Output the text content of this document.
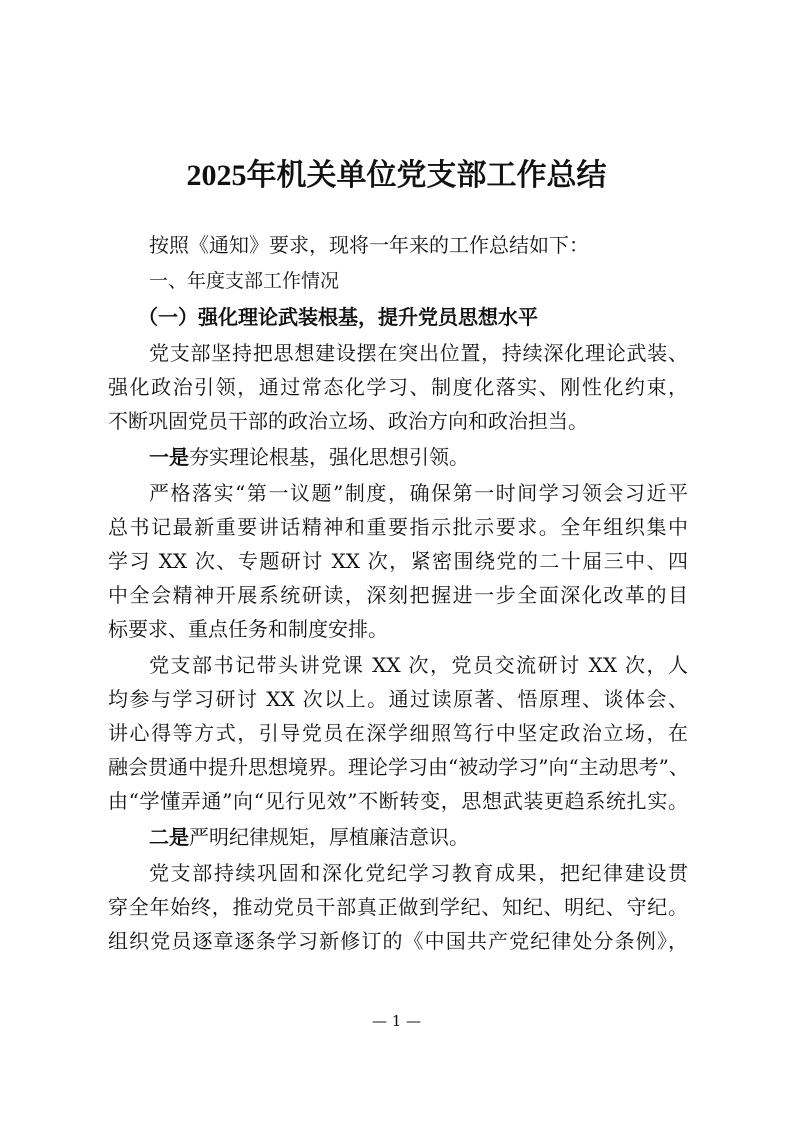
2025年机关单位党支部工作总结
按照《通知》要求，现将一年来的工作总结如下：
一、年度支部工作情况
（一）强化理论武装根基，提升党员思想水平
党支部坚持把思想建设摆在突出位置，持续深化理论武装、
强化政治引领，通过常态化学习、制度化落实、刚性化约束，
不断巩固党员干部的政治立场、政治方向和政治担当。
一是夯实理论根基，强化思想引领。
严格落实“第一议题”制度，确保第一时间学习领会习近平
总书记最新重要讲话精神和重要指示批示要求。全年组织集中
学习 XX 次、专题研讨 XX 次，紧密围绕党的二十届三中、四
中全会精神开展系统研读，深刻把握进一步全面深化改革的目
标要求、重点任务和制度安排。
党支部书记带头讲党课 XX 次，党员交流研讨 XX 次，人
均参与学习研讨 XX 次以上。通过读原著、悟原理、谈体会、
讲心得等方式，引导党员在深学细照笃行中坚定政治立场，在
融会贯通中提升思想境界。理论学习由“被动学习”向“主动思考”、
由“学懂弄通”向“见行见效”不断转变，思想武装更趋系统扎实。
二是严明纪律规矩，厚植廉洁意识。
党支部持续巩固和深化党纪学习教育成果，把纪律建设贯
穿全年始终，推动党员干部真正做到学纪、知纪、明纪、守纪。
组织党员逐章逐条学习新修订的《中国共产党纪律处分条例》，
— 1 —
